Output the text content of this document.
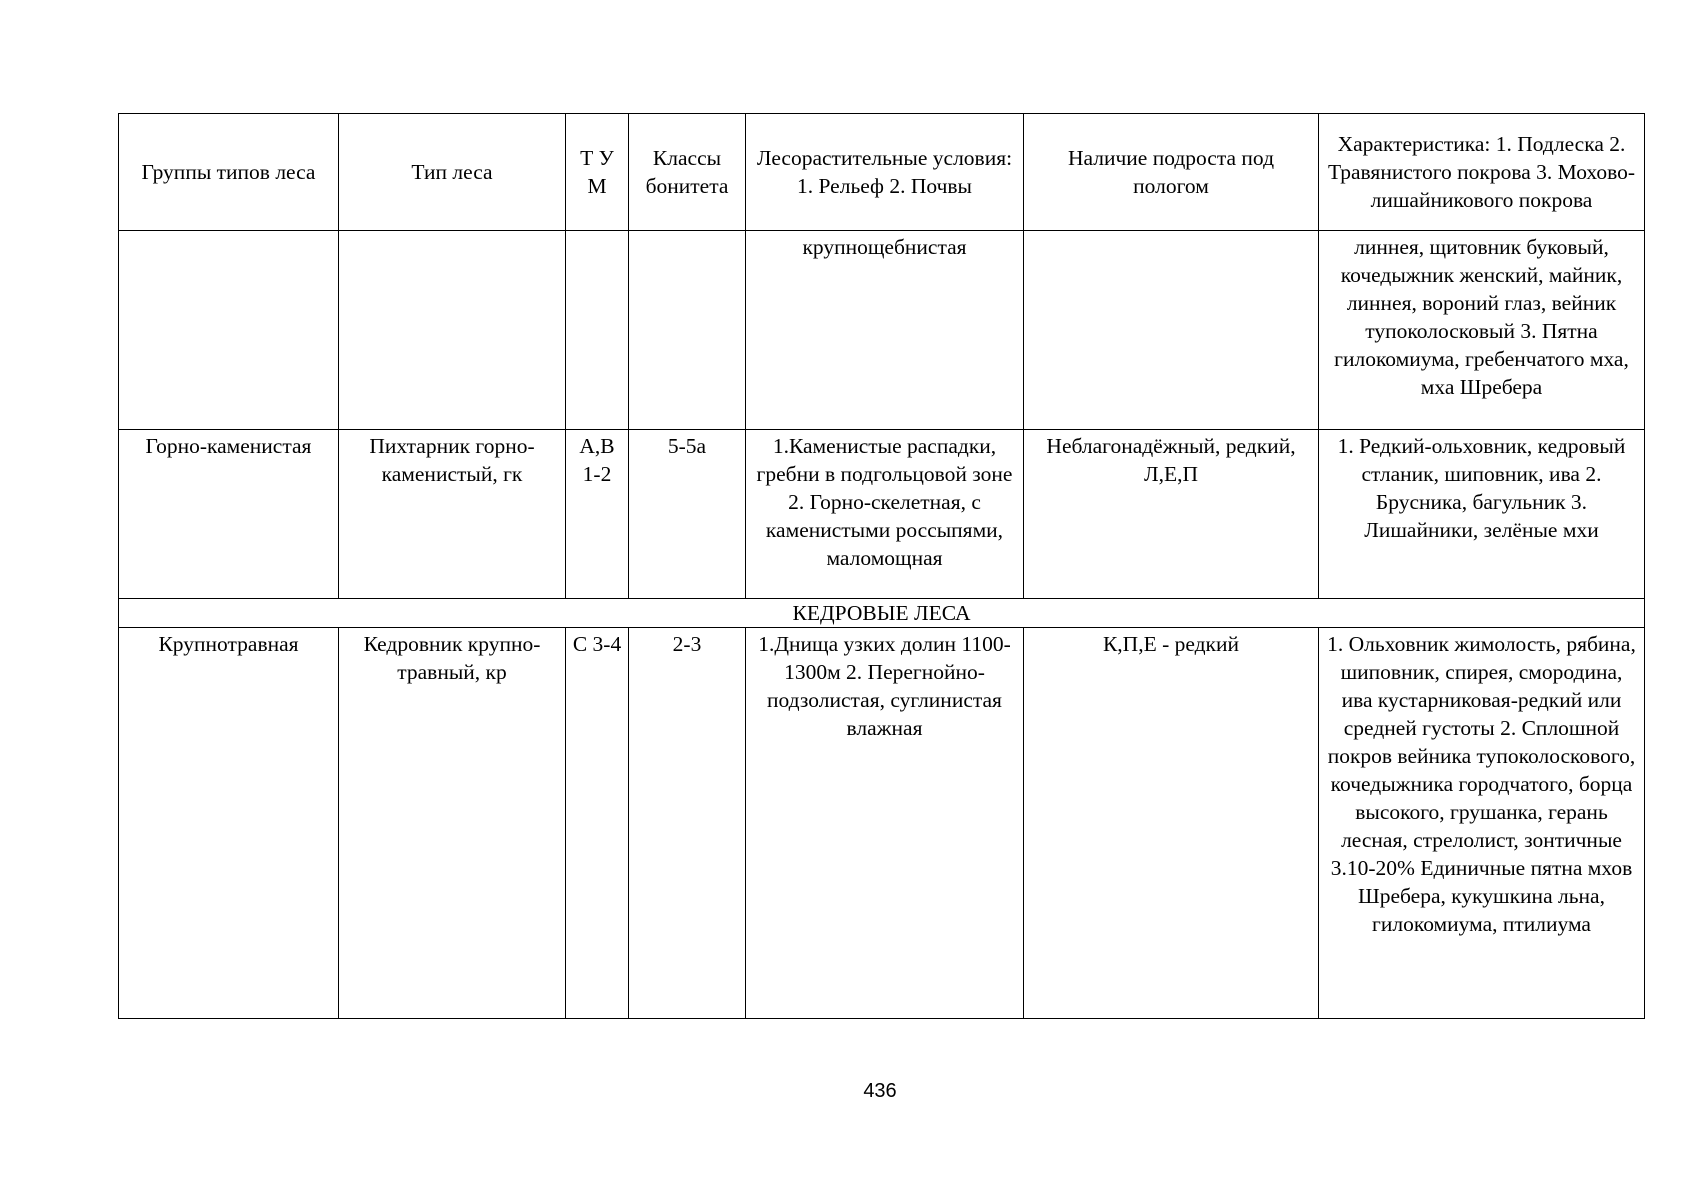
Группы типов леса	Тип леса	Т У М	Классы бонитета	Лесорастительные условия: 1. Рельеф 2. Почвы	Наличие подроста под пологом	Характеристика: 1. Подлеска 2. Травянистого покрова 3. Мохово-лишайникового покрова
				крупнощебнистая		линнея, щитовник буковый, кочедыжник женский, майник, линнея, вороний глаз, вейник тупоколосковый 3. Пятна гилокомиума, гребенчатого мха, мха Шребера
Горно-каменистая	Пихтарник горно-каменистый, гк	А,В 1-2	5-5а	1.Каменистые распадки, гребни в подгольцовой зоне 2. Горно-скелетная, с каменистыми россыпями, маломощная	Неблагонадёжный, редкий, Л,Е,П	1. Редкий-ольховник, кедровый стланик, шиповник, ива 2. Брусника, багульник 3. Лишайники, зелёные мхи
КЕДРОВЫЕ ЛЕСА						
Крупнотравная	Кедровник крупно-травный, кр	С 3-4	2-3	1.Днища узких долин 1100-1300м 2. Перегнойно-подзолистая, суглинистая влажная	К,П,Е - редкий	1. Ольховник жимолость, рябина, шиповник, спирея, смородина, ива кустарниковая-редкий или средней густоты 2. Сплошной покров вейника тупоколоскового, кочедыжника городчатого, борца высокого, грушанка, герань лесная, стрелолист, зонтичные 3.10-20% Единичные пятна мхов Шребера, кукушкина льна, гилокомиума, птилиума
436
